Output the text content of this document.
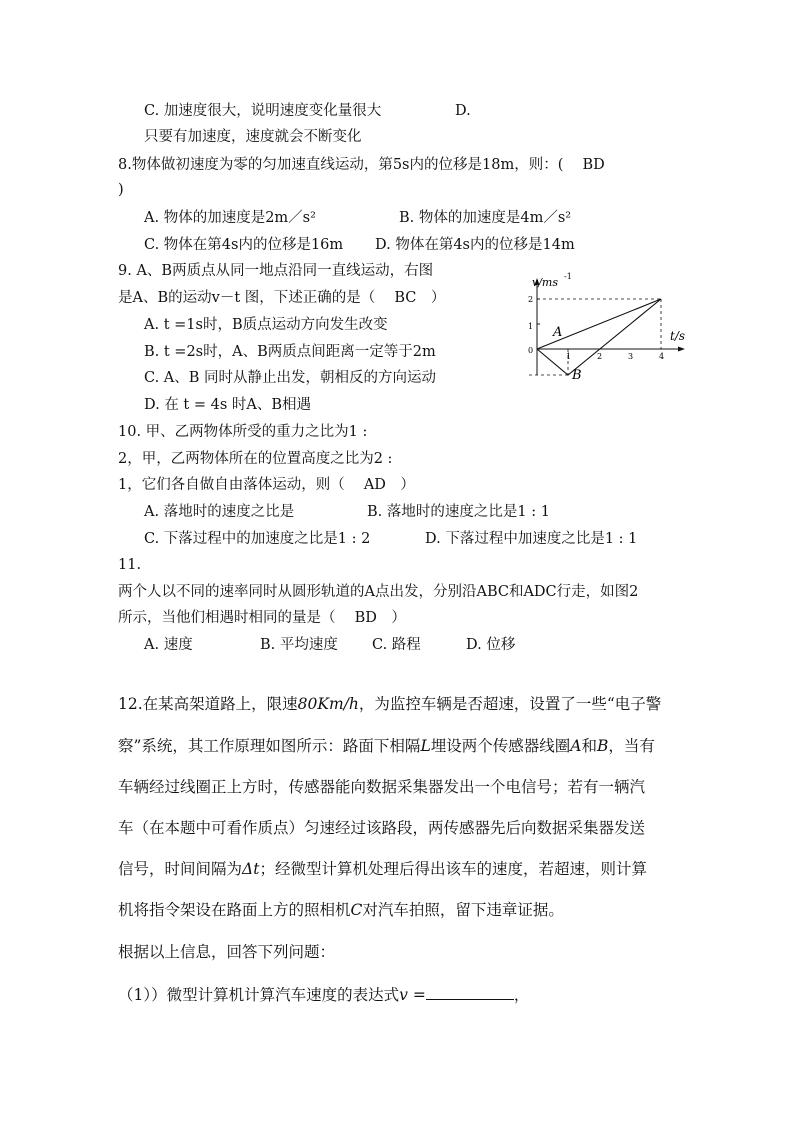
C. 加速度很大，说明速度变化量很大	D.
只要有加速度，速度就会不断变化
8.物体做初速度为零的匀加速直线运动，第5s内的位移是18m，则：(　 BD
)
A. 物体的加速度是2m／s²	B. 物体的加速度是4m／s²
C. 物体在第4s内的位移是16m D. 物体在第4s内的位移是14m
9. A、B两质点从同一地点沿同一直线运动，右图
是A、B的运动v－t 图，下述正确的是（　 BC　）
A. t =1s时，B质点运动方向发生改变
B. t =2s时，A、B两质点间距离一定等于2m
C. A、B 同时从静止出发，朝相反的方向运动
D. 在 t = 4s 时A、B相遇
v/ms -1
t/s
2
1
0
1	2	3	4
A
B
10. 甲、乙两物体所受的重力之比为1 :
2，甲，乙两物体所在的位置高度之比为2 :
1，它们各自做自由落体运动，则（　 AD　）
A. 落地时的速度之比是	B. 落地时的速度之比是1 : 1
C. 下落过程中的加速度之比是1 : 2	D. 下落过程中加速度之比是1 : 1
11.
两个人以不同的速率同时从圆形轨道的A点出发，分别沿ABC和ADC行走，如图2
所示，当他们相遇时相同的量是（　 BD　）
A. 速度	B. 平均速度 C. 路程	D. 位移
12.在某高架道路上，限速80Km/h，为监控车辆是否超速，设置了一些“电子警
察”系统，其工作原理如图所示：路面下相隔L埋设两个传感器线圈A和B，当有
车辆经过线圈正上方时，传感器能向数据采集器发出一个电信号；若有一辆汽
车（在本题中可看作质点）匀速经过该路段，两传感器先后向数据采集器发送
信号，时间间隔为Δt；经微型计算机处理后得出该车的速度，若超速，则计算
机将指令架设在路面上方的照相机C对汽车拍照，留下违章证据。
根据以上信息，回答下列问题：
（1））微型计算机计算汽车速度的表达式v =	，
